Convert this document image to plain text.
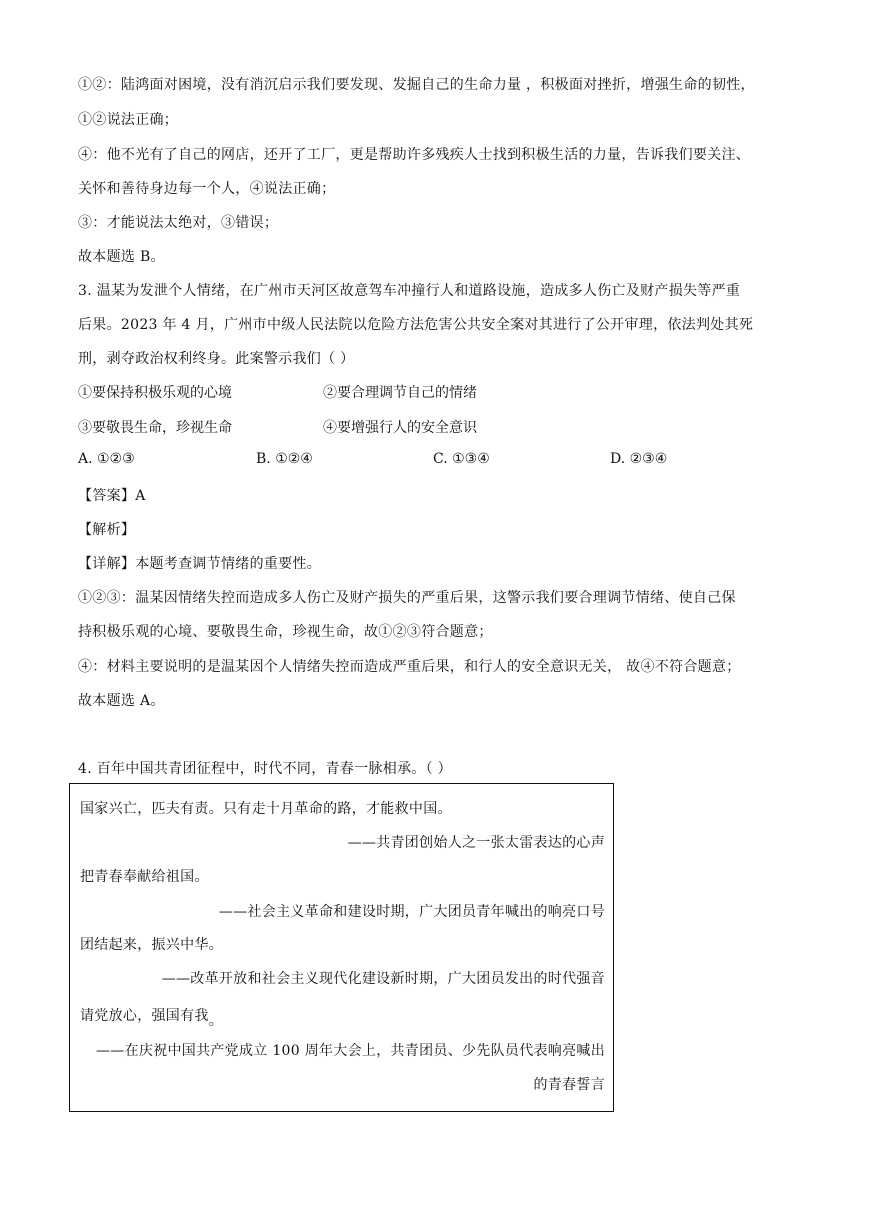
①②：陆鸿面对困境，没有消沉启示我们要发现、发掘自己的生命力量 ，积极面对挫折，增强生命的韧性，
①②说法正确；
④：他不光有了自己的网店，还开了工厂，更是帮助许多残疾人士找到积极生活的力量，告诉我们要关注、
关怀和善待身边每一个人，④说法正确；
③：才能说法太绝对，③错误；
故本题选 B。
3. 温某为发泄个人情绪，在广州市天河区故意驾车冲撞行人和道路设施，造成多人伤亡及财产损失等严重
后果。2023 年 4 月，广州市中级人民法院以危险方法危害公共安全案对其进行了公开审理，依法判处其死
刑，剥夺政治权利终身。此案警示我们（ ）
①要保持积极乐观的心境	②要合理调节自己的情绪
③要敬畏生命，珍视生命	④要增强行人的安全意识
A. ①②③	B. ①②④	C. ①③④	D. ②③④
【答案】A
【解析】
【详解】本题考查调节情绪的重要性。
①②③：温某因情绪失控而造成多人伤亡及财产损失的严重后果，这警示我们要合理调节情绪、使自己保
持积极乐观的心境、要敬畏生命，珍视生命，故①②③符合题意；
④：材料主要说明的是温某因个人情绪失控而造成严重后果，和行人的安全意识无关， 故④不符合题意；
故本题选 A。
4. 百年中国共青团征程中，时代不同，青春一脉相承。（ ）
国家兴亡，匹夫有责。只有走十月革命的路，才能救中国。
——共青团创始人之一张太雷表达的心声
把青春奉献给祖国。
——社会主义革命和建设时期，广大团员青年喊出的响亮口号
团结起来，振兴中华。
——改革开放和社会主义现代化建设新时期，广大团员发出的时代强音
请党放心，强国有我。
——在庆祝中国共产党成立 100 周年大会上，共青团员、少先队员代表响亮喊出
的青春誓言
